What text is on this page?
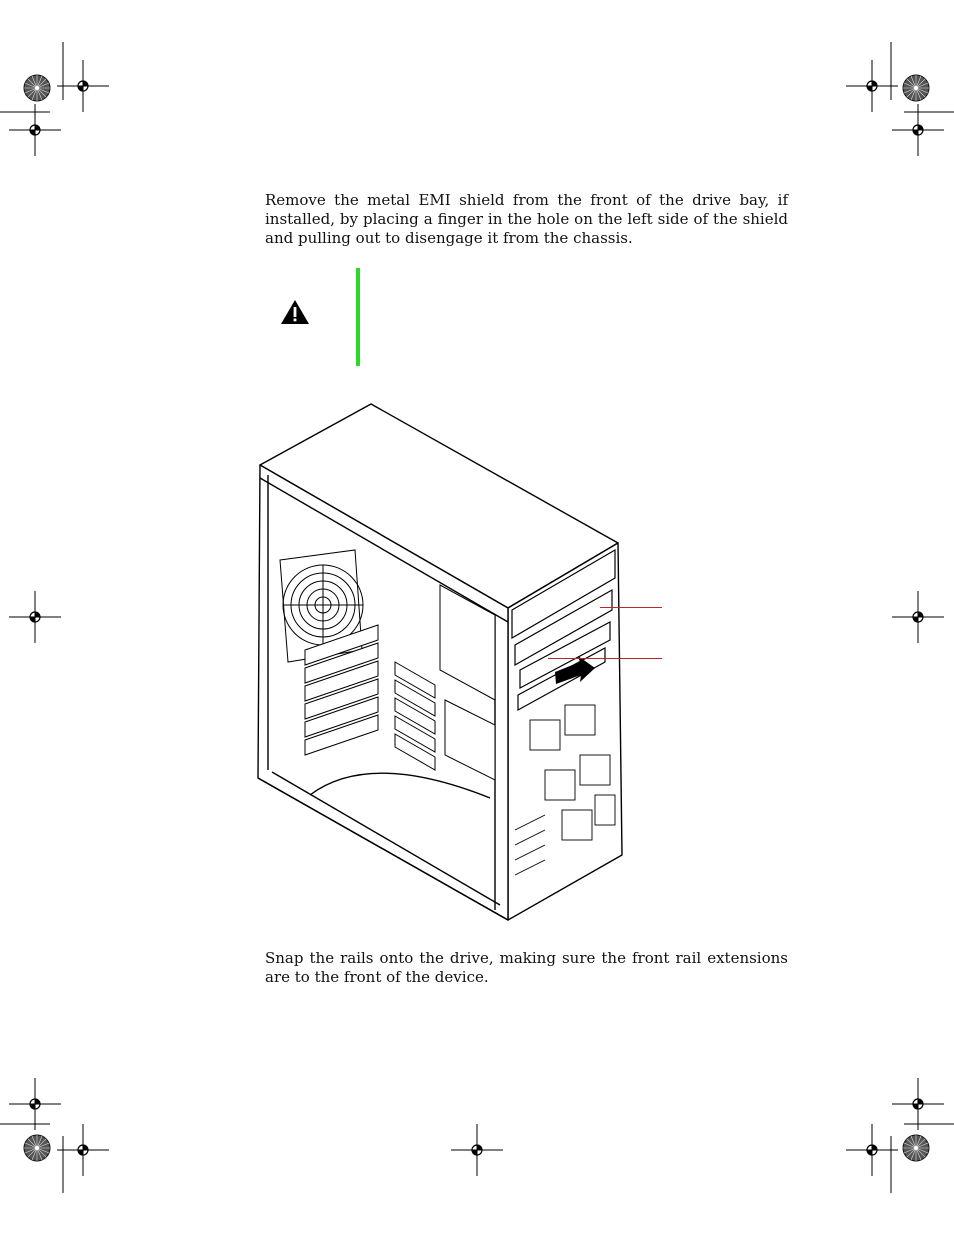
Remove the metal EMI shield from the front of the drive bay, if installed, by placing a finger in the hole on the left side of the shield and pulling out to disengage it from the chassis.

Snap the rails onto the drive, making sure the front rail extensions are to the front of the device.
